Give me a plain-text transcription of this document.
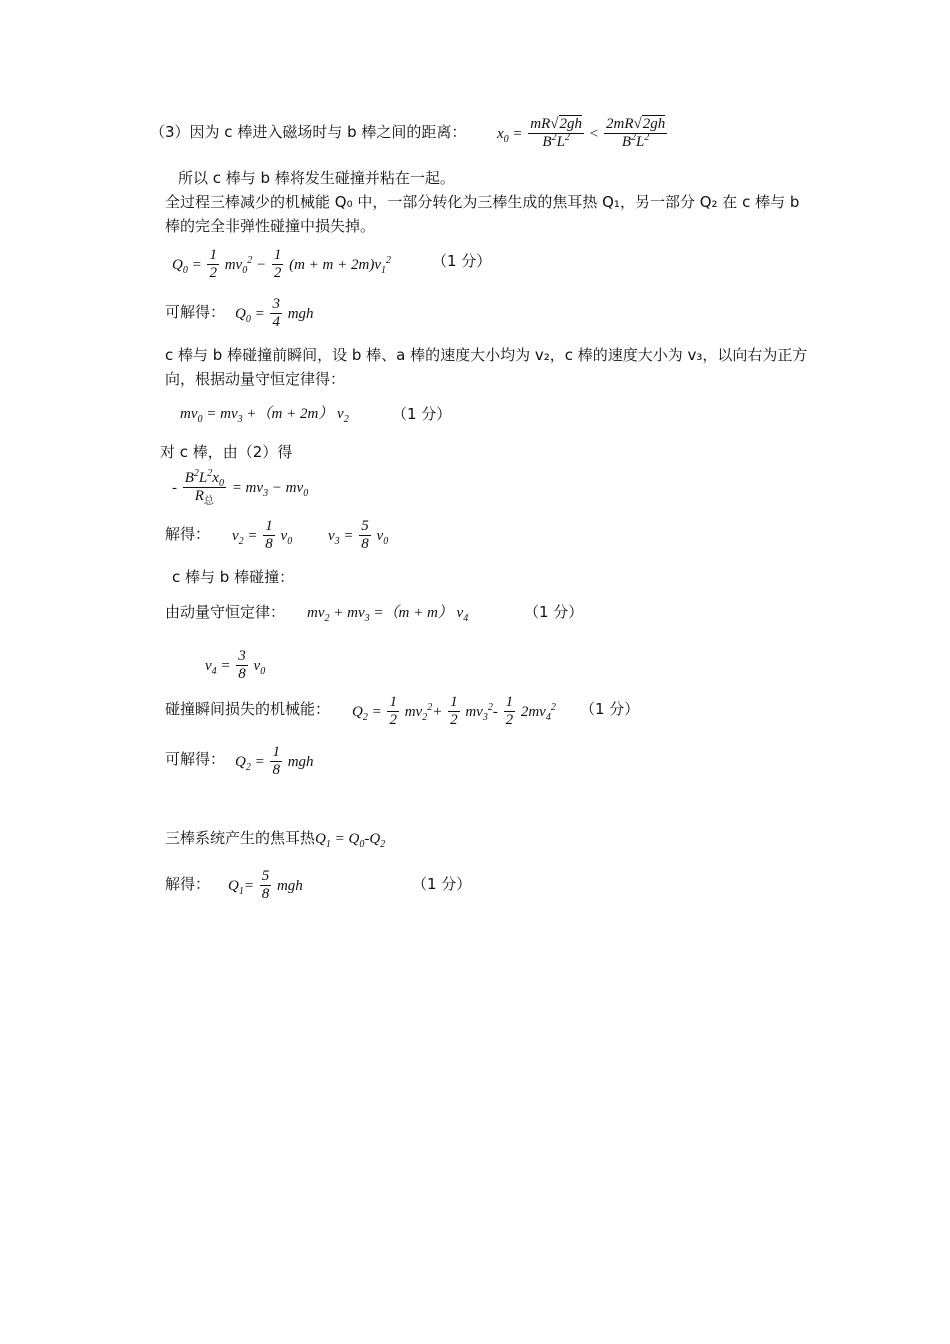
（3）因为 c 棒进入磁场时与 b 棒之间的距离： $x_0 = \frac{mR√2gh}{B^2L^2} < \frac{2mR√2gh}{B^2L^2}$
所以 c 棒与 b 棒将发生碰撞并粘在一起。
全过程三棒减少的机械能 Q₀ 中，一部分转化为三棒生成的焦耳热 Q₁，另一部分 Q₂ 在 c 棒与 b 棒的完全非弹性碰撞中损失掉。
$Q_0 = \frac{1}{2} mv_0^2 - \frac{1}{2} (m + m + 2m)v_1^2$	（1 分）
可解得： $Q_0 = \frac{3}{4}$ mgh
c 棒与 b 棒碰撞前瞬间，设 b 棒、a 棒的速度大小均为 v₂，c 棒的速度大小为 v₃，以向右为正方向，根据动量守恒定律得：
$mv_0 = mv_3 +(m + 2m)$ $v_2$	（1 分）
对 c 棒，由（2）得
- $\frac{B^2L^2x_0}{R_总} = mv_3 - mv_0$
解得： $v_2 = \frac{1}{8} v_0$ $v_3 = \frac{5}{8} v_0$
c 棒与 b 棒碰撞：
由动量守恒定律： $mv_2 + mv_3 =(m + m)$ $v_4$	（1 分）
$v_4 = \frac{3}{8} v_0$
碰撞瞬间损失的机械能： $Q_2 = \frac{1}{2} mv_2^2+ \frac{1}{2} mv_3^2- \frac{1}{2} 2mv_4^2$ （1 分）
可解得： $Q_2 = \frac{1}{8}$ mgh
三棒系统产生的焦耳热$Q_1 = Q_0-Q_2$
解得： $Q_1= \frac{5}{8}$ mgh	（1 分）
